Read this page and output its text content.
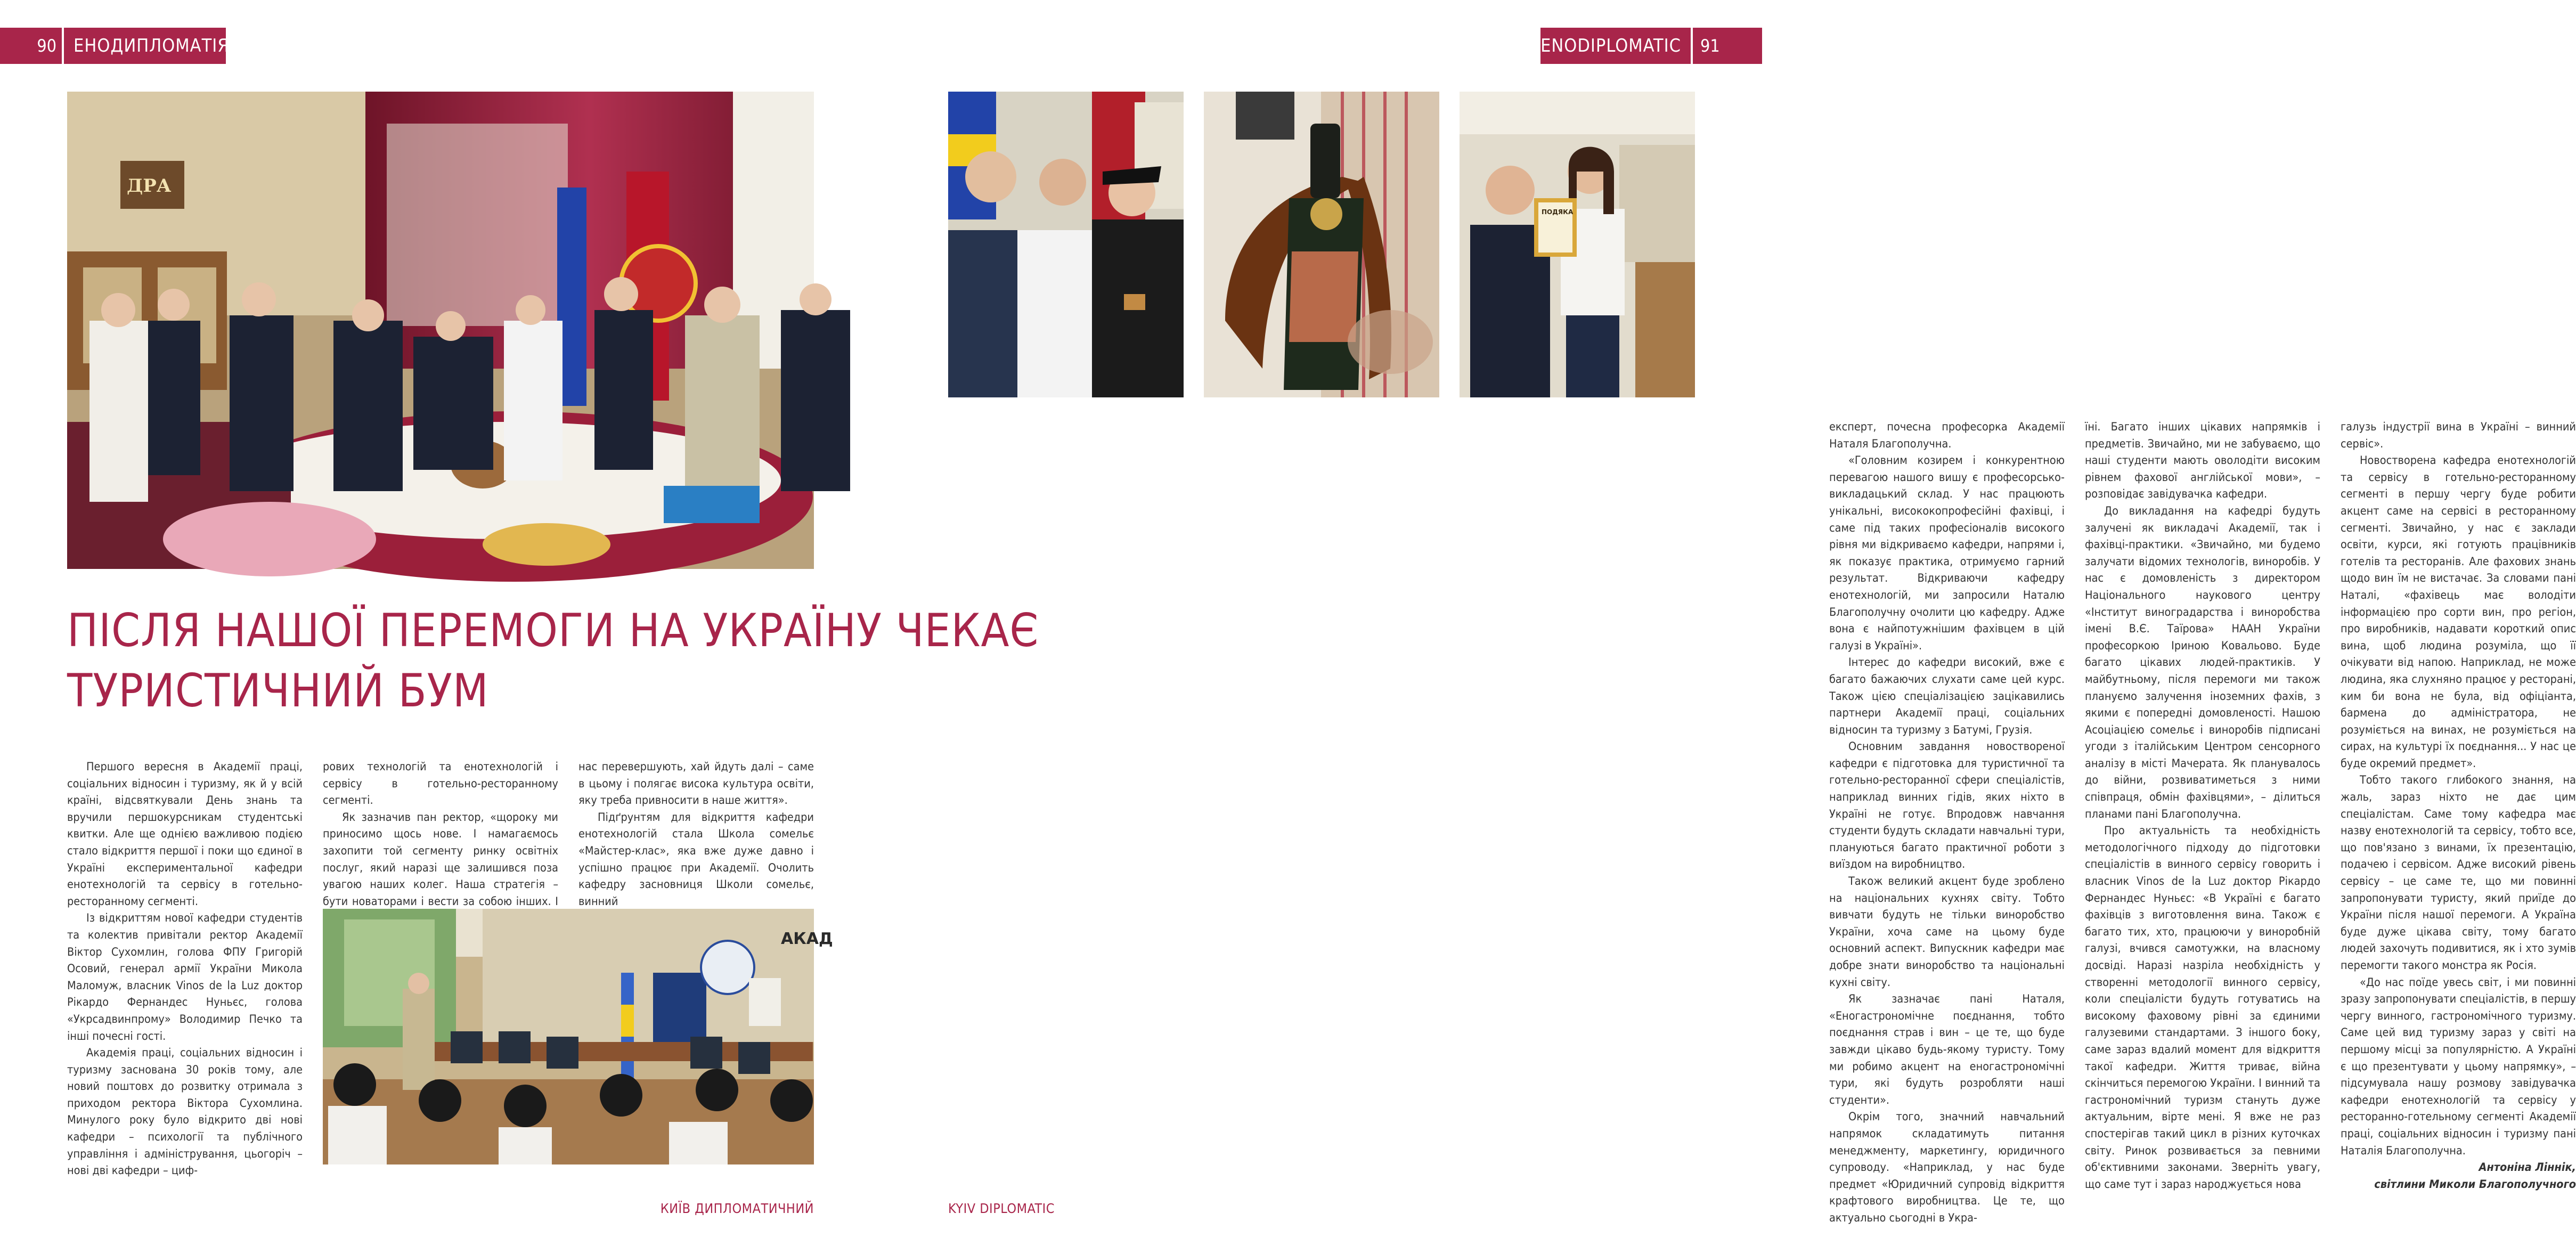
90 ЕНОДИПЛОМАТІЯ
ДРА
ПІСЛЯ НАШОЇ ПЕРЕМОГИ НА УКРАЇНУ ЧЕКАЄ
ТУРИСТИЧНИЙ БУМ

Першого вересня в Академії праці, соціальних відносин і туризму, як й у всій країні, відсвяткували День знань та вручили першокурсникам студентські квитки. Але ще однією важливою подією стало відкриття першої і поки що єдиної в Україні експериментальної кафедри енотехнологій та сервісу в готельно-ресторанному сегменті.

Із відкриттям нової кафедри студентів та колектив привітали ректор Академії Віктор Сухомлин, голова ФПУ Григорій Осовий, генерал армії України Микола Маломуж, власник Vinos de la Luz доктор Рікардо Фернандес Нуньєс, голова «Укрсадвинпрому» Володимир Печко та інші почесні гості.

Академія праці, соціальних відносин і туризму заснована 30 років тому, але новий поштовх до розвитку отримала з приходом ректора Віктора Сухомлина. Минулого року було відкрито дві нові кафедри – психології та публічного управління і адміністрування, цьогоріч – нові дві кафедри – циф-

рових технологій та енотехнологій і сервісу в готельно-ресторанному сегменті.

Як зазначив пан ректор, «щороку ми приносимо щось нове. І намагаємось захопити той сегменту ринку освітніх послуг, який наразі ще залишився поза увагою наших колег. Наша стратегія – бути новаторами і вести за собою інших. І

нас перевершують, хай йдуть далі – саме в цьому і полягає висока культура освіти, яку треба привносити в наше життя».

Підґрунтям для відкриття кафедри енотехнологій стала Школа сомельє «Майстер-клас», яка вже дуже давно і успішно працює при Академії. Очолить кафедру засновниця Школи сомельє, винний

АКАД
КИЇВ ДИПЛОМАТИЧНИЙ
ENODIPLOMATIC	91
ПОДЯКА

експерт, почесна професорка Академії Наталя Благополучна.

«Головним козирем і конкурентною перевагою нашого вишу є професорсько-викладацький склад. У нас працюють унікальні, висококопрофесійні фахівці, і саме під таких професіоналів високого рівня ми відкриваємо кафедри, напрями і, як показує практика, отримуємо гарний результат. Відкриваючи кафедру енотехнологій, ми запросили Наталю Благополучну очолити цю кафедру. Адже вона є найпотужнішим фахівцем в цій галузі в Україні».

Інтерес до кафедри високий, вже є багато бажаючих слухати саме цей курс. Також цією спеціалізацією зацікавились партнери Академії праці, соціальних відносин та туризму з Батумі, Грузія.

Основним завдання новоствореної кафедри є підготовка для туристичної та готельно-ресторанної сфери спеціалістів, наприклад винних гідів, яких ніхто в Україні не готує. Впродовж навчання студенти будуть складати навчальні тури, плануються багато практичної роботи з виїздом на виробництво.

Також великий акцент буде зроблено на національних кухнях світу. Тобто вивчати будуть не тільки виноробство України, хоча саме на цьому буде основний аспект. Випускник кафедри має добре знати виноробство та національні кухні світу.

Як зазначає пані Наталя, «Еногастрономічне поєднання, тобто поєднання страв і вин – це те, що буде завжди цікаво будь-якому туристу. Тому ми робимо акцент на еногастрономічні тури, які будуть розробляти наші студенти».

Окрім того, значний навчальний напрямок складатимуть питання менеджменту, маркетингу, юридичного супроводу. «Наприклад, у нас буде предмет «Юридичний супровід відкриття крафтового виробництва. Це те, що актуально сьогодні в Укра-

їні. Багато інших цікавих напрямків і предметів. Звичайно, ми не забуваємо, що наші студенти мають оволодіти високим рівнем фахової англійської мови», – розповідає завідувачка кафедри.

До викладання на кафедрі будуть залучені як викладачі Академії, так і фахівці-практики. «Звичайно, ми будемо залучати відомих технологів, виноробів. У нас є домовленість з директором Національного наукового центру «Інститут виноградарства і виноробства імені В.Є. Таїрова» НААН України професоркою Іриною Ковальово. Буде багато цікавих людей-практиків. У майбутньому, після перемоги ми також плануємо залучення іноземних фахів, з якими є попередні домовленості. Нашою Асоціацією сомельє і виноробів підписані угоди з італійським Центром сенсорного аналізу в місті Мачерата. Як планувалось до війни, розвиватиметься з ними співпраця, обмін фахівцями», – ділиться планами пані Благополучна.

Про актуальність та необхідність методологічного підходу до підготовки спеціалістів в винного сервісу говорить і власник Vinos de la Luz доктор Рікардо Фернандес Нуньєс: «В Україні є багато фахівців з виготовлення вина. Також є багато тих, хто, працюючи у виноробній галузі, вчився самотужки, на власному досвіді. Наразі назріла необхідність у створенні методології винного сервісу, коли спеціалісти будуть готуватись на високому фаховому рівні за єдиними галузевими стандартами. З іншого боку, саме зараз вдалий момент для відкриття такої кафедри. Життя триває, війна скінчиться перемогою України. І винний та гастрономічний туризм стануть дуже актуальним, вірте мені. Я вже не раз спостерігав такий цикл в різних куточках світу. Ринок розвивається за певними об'єктивними законами. Зверніть увагу, що саме тут і зараз народжується нова

галузь індустрії вина в Україні – винний сервіс».

Новостворена кафедра енотехнологій та сервісу в готельно-ресторанному сегменті в першу чергу буде робити акцент саме на сервісі в ресторанному сегменті. Звичайно, у нас є заклади освіти, курси, які готують працівників готелів та ресторанів. Але фахових знань щодо вин їм не вистачає. За словами пані Наталі, «фахівець має володіти інформацією про сорти вин, про регіон, про виробників, надавати короткий опис вина, щоб людина розуміла, що її очікувати від напою. Наприклад, не може людина, яка слухняно працює у ресторані, ким би вона не була, від офіціанта, бармена до адміністратора, не розуміється на винах, не розуміється на сирах, на культурі їх поєднання... У нас це буде окремий предмет».

Тобто такого глибокого знання, на жаль, зараз ніхто не дає цим спеціалістам. Саме тому кафедра має назву енотехнологій та сервісу, тобто все, що пов'язано з винами, їх презентацію, подачею і сервісом. Адже високий рівень сервісу – це саме те, що ми повинні запропонувати туристу, який приїде до України після нашої перемоги. А Україна буде дуже цікава світу, тому багато людей захочуть подивитися, як і хто зумів перемогти такого монстра як Росія.

«До нас поїде увесь світ, і ми повинні зразу запропонувати спеціалістів, в першу чергу винного, гастрономічного туризму. Саме цей вид туризму зараз у світі на першому місці за популярністю. А Україні є що презентувати у цьому напрямку», – підсумувала нашу розмову завідувачка кафедри енотехнологій та сервісу у ресторанно-готельному сегменті Академії праці, соціальних відносин і туризму пані Наталія Благополучна.

Антоніна Ліннік,
світлини Миколи Благополучного

KYIV DIPLOMATIC
